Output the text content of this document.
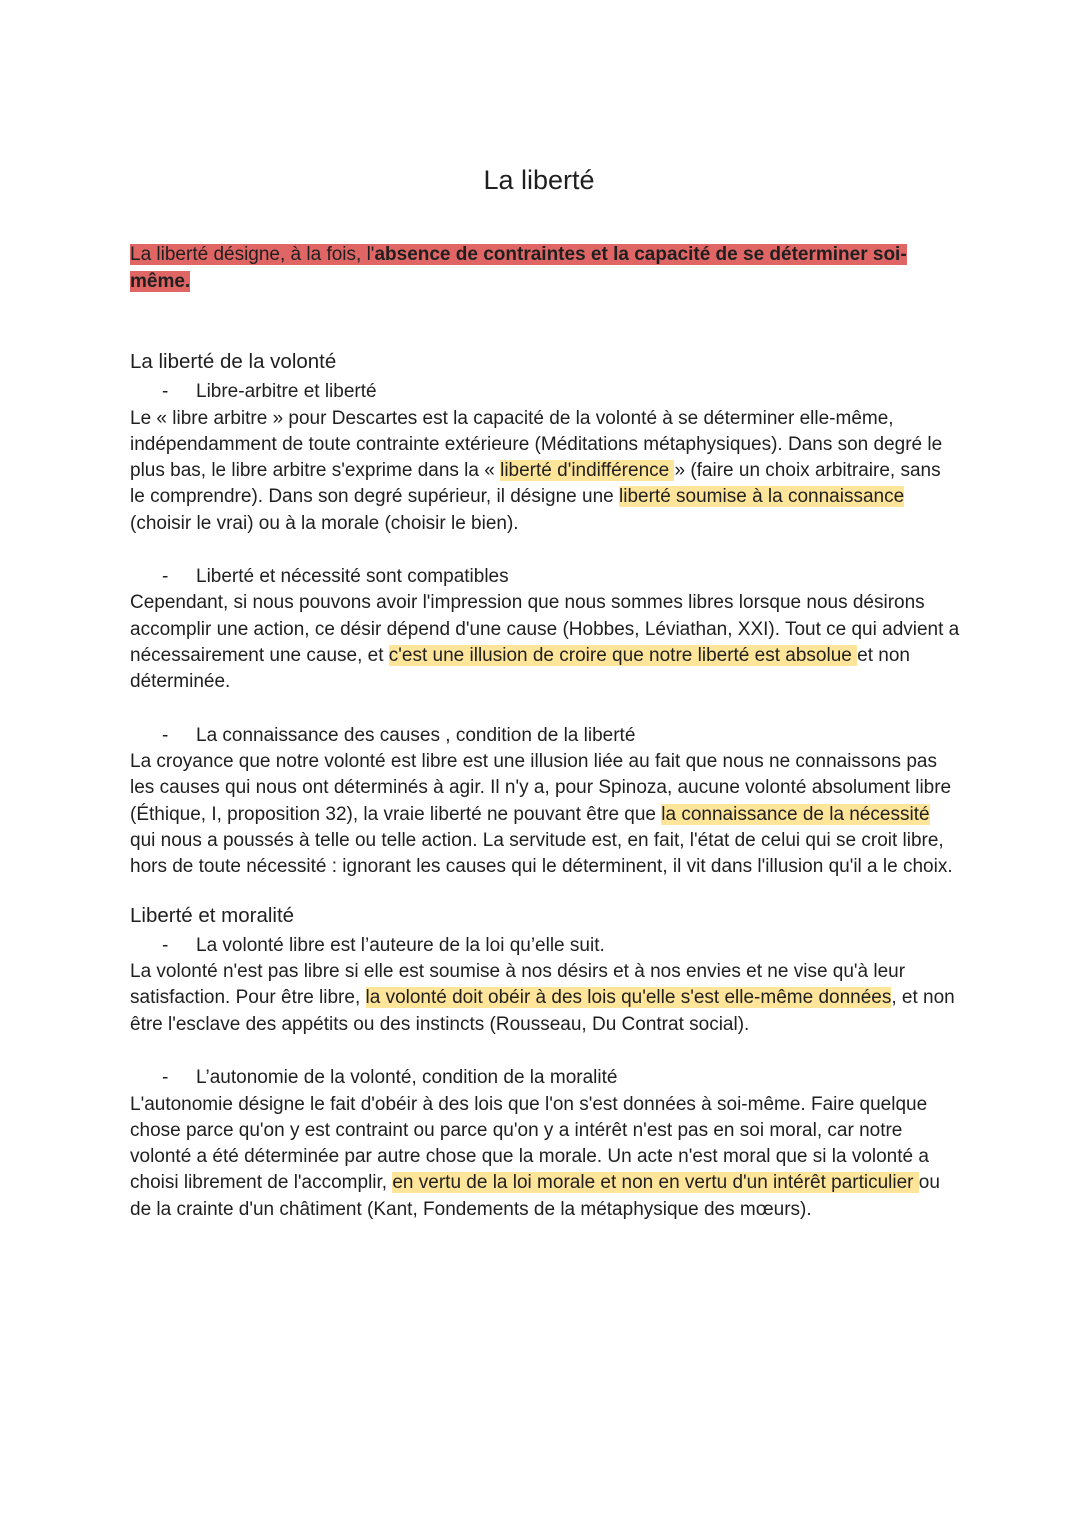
La liberté

La liberté désigne, à la fois, l'absence de contraintes et la capacité de se déterminer soi-même.

La liberté de la volonté
-	Libre-arbitre et liberté

Le « libre arbitre » pour Descartes est la capacité de la volonté à se déterminer elle-même, indépendamment de toute contrainte extérieure (Méditations métaphysiques). Dans son degré le plus bas, le libre arbitre s'exprime dans la « liberté d'indifférence » (faire un choix arbitraire, sans le comprendre). Dans son degré supérieur, il désigne une liberté soumise à la connaissance (choisir le vrai) ou à la morale (choisir le bien).

-	Liberté et nécessité sont compatibles

Cependant, si nous pouvons avoir l'impression que nous sommes libres lorsque nous désirons accomplir une action, ce désir dépend d'une cause (Hobbes, Léviathan, XXI). Tout ce qui advient a nécessairement une cause, et c'est une illusion de croire que notre liberté est absolue et non déterminée.

-	La connaissance des causes , condition de la liberté

La croyance que notre volonté est libre est une illusion liée au fait que nous ne connaissons pas les causes qui nous ont déterminés à agir. Il n'y a, pour Spinoza, aucune volonté absolument libre (Éthique, I, proposition 32), la vraie liberté ne pouvant être que la connaissance de la nécessité qui nous a poussés à telle ou telle action. La servitude est, en fait, l'état de celui qui se croit libre, hors de toute nécessité : ignorant les causes qui le déterminent, il vit dans l'illusion qu'il a le choix.

Liberté et moralité
-	La volonté libre est l’auteure de la loi qu’elle suit.

La volonté n'est pas libre si elle est soumise à nos désirs et à nos envies et ne vise qu'à leur satisfaction. Pour être libre, la volonté doit obéir à des lois qu'elle s'est elle-même données, et non être l'esclave des appétits ou des instincts (Rousseau, Du Contrat social).

-	L’autonomie de la volonté, condition de la moralité

L'autonomie désigne le fait d'obéir à des lois que l'on s'est données à soi-même. Faire quelque chose parce qu'on y est contraint ou parce qu'on y a intérêt n'est pas en soi moral, car notre volonté a été déterminée par autre chose que la morale. Un acte n'est moral que si la volonté a choisi librement de l'accomplir, en vertu de la loi morale et non en vertu d'un intérêt particulier ou de la crainte d'un châtiment (Kant, Fondements de la métaphysique des mœurs).
